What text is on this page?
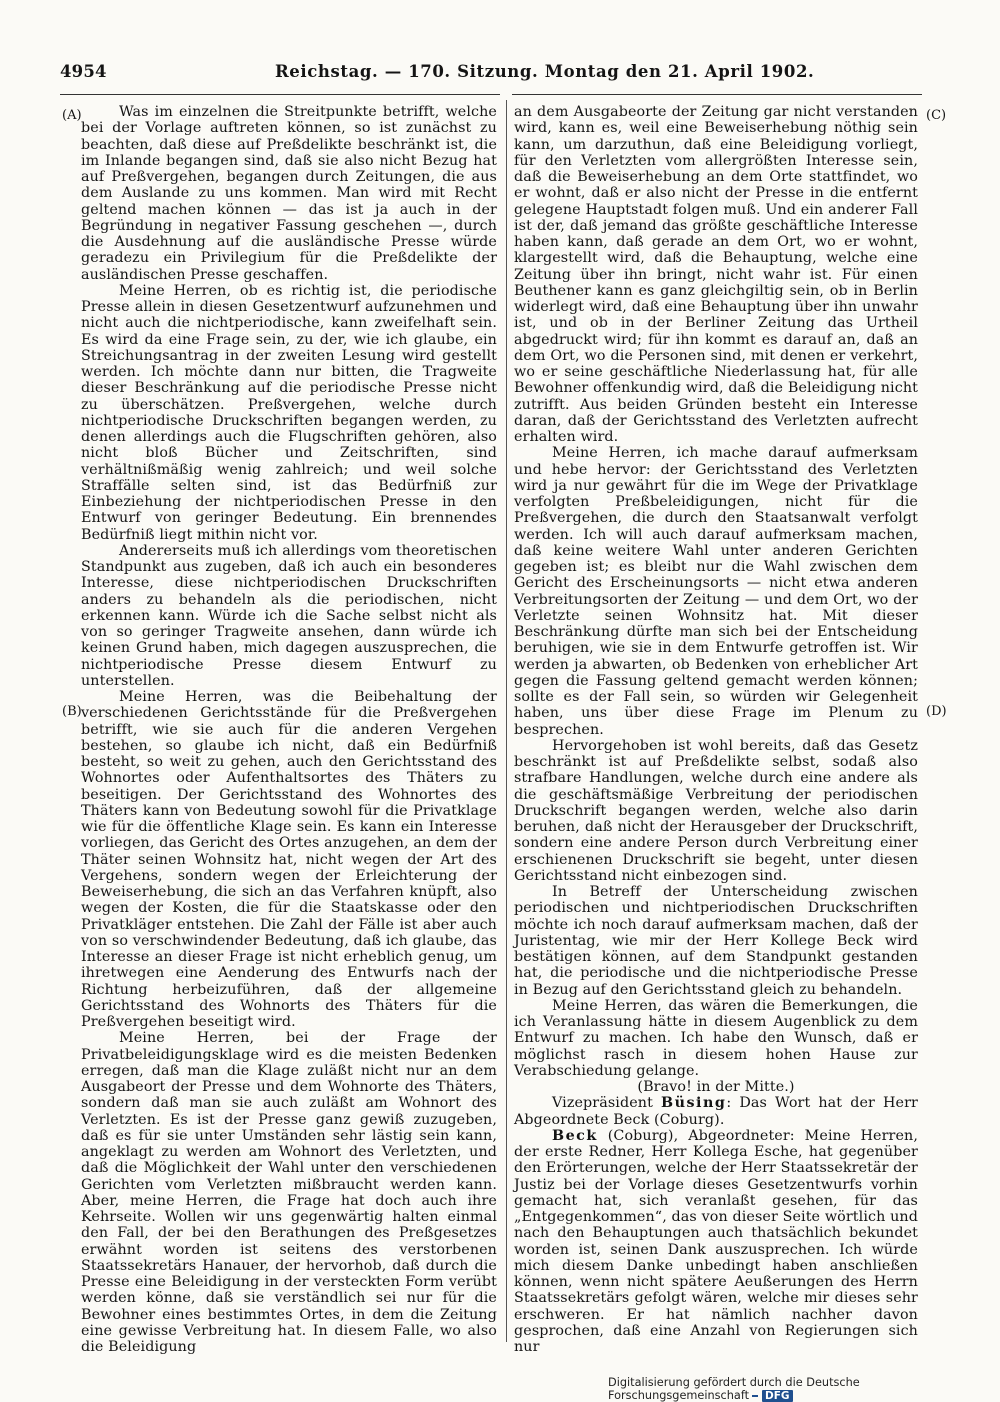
4954	Reichstag. — 170. Sitzung. Montag den 21. April 1902.
(A)
(B)
(C)
(D)

Was im einzelnen die Streitpunkte betrifft, welche bei der Vorlage auftreten können, so ist zunächst zu beachten, daß diese auf Preßdelikte beschränkt ist, die im Inlande begangen sind, daß sie also nicht Bezug hat auf Preßvergehen, begangen durch Zeitungen, die aus dem Auslande zu uns kommen. Man wird mit Recht geltend machen können — das ist ja auch in der Begründung in negativer Fassung geschehen —, durch die Ausdehnung auf die ausländische Presse würde geradezu ein Privilegium für die Preßdelikte der ausländischen Presse geschaffen.

Meine Herren, ob es richtig ist, die periodische Presse allein in diesen Gesetzentwurf aufzunehmen und nicht auch die nichtperiodische, kann zweifelhaft sein. Es wird da eine Frage sein, zu der, wie ich glaube, ein Streichungsantrag in der zweiten Lesung wird gestellt werden. Ich möchte dann nur bitten, die Tragweite dieser Beschränkung auf die periodische Presse nicht zu überschätzen. Preßvergehen, welche durch nichtperiodische Druckschriften begangen werden, zu denen allerdings auch die Flugschriften gehören, also nicht bloß Bücher und Zeitschriften, sind verhältnißmäßig wenig zahlreich; und weil solche Straffälle selten sind, ist das Bedürfniß zur Einbeziehung der nichtperiodischen Presse in den Entwurf von geringer Bedeutung. Ein brennendes Bedürfniß liegt mithin nicht vor.

Andererseits muß ich allerdings vom theoretischen Standpunkt aus zugeben, daß ich auch ein besonderes Interesse, diese nichtperiodischen Druckschriften anders zu behandeln als die periodischen, nicht erkennen kann. Würde ich die Sache selbst nicht als von so geringer Tragweite ansehen, dann würde ich keinen Grund haben, mich dagegen auszusprechen, die nichtperiodische Presse diesem Entwurf zu unterstellen.

Meine Herren, was die Beibehaltung der verschiedenen Gerichtsstände für die Preßvergehen betrifft, wie sie auch für die anderen Vergehen bestehen, so glaube ich nicht, daß ein Bedürfniß besteht, so weit zu gehen, auch den Gerichtsstand des Wohnortes oder Aufenthaltsortes des Thäters zu beseitigen. Der Gerichtsstand des Wohnortes des Thäters kann von Bedeutung sowohl für die Privatklage wie für die öffentliche Klage sein. Es kann ein Interesse vorliegen, das Gericht des Ortes anzugehen, an dem der Thäter seinen Wohnsitz hat, nicht wegen der Art des Vergehens, sondern wegen der Erleichterung der Beweiserhebung, die sich an das Verfahren knüpft, also wegen der Kosten, die für die Staatskasse oder den Privatkläger entstehen. Die Zahl der Fälle ist aber auch von so verschwindender Bedeutung, daß ich glaube, das Interesse an dieser Frage ist nicht erheblich genug, um ihretwegen eine Aenderung des Entwurfs nach der Richtung herbeizuführen, daß der allgemeine Gerichtsstand des Wohnorts des Thäters für die Preßvergehen beseitigt wird.

Meine Herren, bei der Frage der Privatbeleidigungsklage wird es die meisten Bedenken erregen, daß man die Klage zuläßt nicht nur an dem Ausgabeort der Presse und dem Wohnorte des Thäters, sondern daß man sie auch zuläßt am Wohnort des Verletzten. Es ist der Presse ganz gewiß zuzugeben, daß es für sie unter Umständen sehr lästig sein kann, angeklagt zu werden am Wohnort des Verletzten, und daß die Möglichkeit der Wahl unter den verschiedenen Gerichten vom Verletzten mißbraucht werden kann. Aber, meine Herren, die Frage hat doch auch ihre Kehrseite. Wollen wir uns gegenwärtig halten einmal den Fall, der bei den Berathungen des Preßgesetzes erwähnt worden ist seitens des verstorbenen Staatssekretärs Hanauer, der hervorhob, daß durch die Presse eine Beleidigung in der versteckten Form verübt werden könne, daß sie verständlich sei nur für die Bewohner eines bestimmtes Ortes, in dem die Zeitung eine gewisse Verbreitung hat. In diesem Falle, wo also die Beleidigung

an dem Ausgabeorte der Zeitung gar nicht verstanden wird, kann es, weil eine Beweiserhebung nöthig sein kann, um darzuthun, daß eine Beleidigung vorliegt, für den Verletzten vom allergrößten Interesse sein, daß die Beweiserhebung an dem Orte stattfindet, wo er wohnt, daß er also nicht der Presse in die entfernt gelegene Hauptstadt folgen muß. Und ein anderer Fall ist der, daß jemand das größte geschäftliche Interesse haben kann, daß gerade an dem Ort, wo er wohnt, klargestellt wird, daß die Behauptung, welche eine Zeitung über ihn bringt, nicht wahr ist. Für einen Beuthener kann es ganz gleichgiltig sein, ob in Berlin widerlegt wird, daß eine Behauptung über ihn unwahr ist, und ob in der Berliner Zeitung das Urtheil abgedruckt wird; für ihn kommt es darauf an, daß an dem Ort, wo die Personen sind, mit denen er verkehrt, wo er seine geschäftliche Niederlassung hat, für alle Bewohner offenkundig wird, daß die Beleidigung nicht zutrifft. Aus beiden Gründen besteht ein Interesse daran, daß der Gerichtsstand des Verletzten aufrecht erhalten wird.

Meine Herren, ich mache darauf aufmerksam und hebe hervor: der Gerichtsstand des Verletzten wird ja nur gewährt für die im Wege der Privatklage verfolgten Preßbeleidigungen, nicht für die Preßvergehen, die durch den Staatsanwalt verfolgt werden. Ich will auch darauf aufmerksam machen, daß keine weitere Wahl unter anderen Gerichten gegeben ist; es bleibt nur die Wahl zwischen dem Gericht des Erscheinungsorts — nicht etwa anderen Verbreitungsorten der Zeitung — und dem Ort, wo der Verletzte seinen Wohnsitz hat. Mit dieser Beschränkung dürfte man sich bei der Entscheidung beruhigen, wie sie in dem Entwurfe getroffen ist. Wir werden ja abwarten, ob Bedenken von erheblicher Art gegen die Fassung geltend gemacht werden können; sollte es der Fall sein, so würden wir Gelegenheit haben, uns über diese Frage im Plenum zu besprechen.

Hervorgehoben ist wohl bereits, daß das Gesetz beschränkt ist auf Preßdelikte selbst, sodaß also strafbare Handlungen, welche durch eine andere als die geschäftsmäßige Verbreitung der periodischen Druckschrift begangen werden, welche also darin beruhen, daß nicht der Herausgeber der Druckschrift, sondern eine andere Person durch Verbreitung einer erschienenen Druckschrift sie begeht, unter diesen Gerichtsstand nicht einbezogen sind.

In Betreff der Unterscheidung zwischen periodischen und nichtperiodischen Druckschriften möchte ich noch darauf aufmerksam machen, daß der Juristentag, wie mir der Herr Kollege Beck wird bestätigen können, auf dem Standpunkt gestanden hat, die periodische und die nichtperiodische Presse in Bezug auf den Gerichtsstand gleich zu behandeln.

Meine Herren, das wären die Bemerkungen, die ich Veranlassung hätte in diesem Augenblick zu dem Entwurf zu machen. Ich habe den Wunsch, daß er möglichst rasch in diesem hohen Hause zur Verabschiedung gelange.

(Bravo! in der Mitte.)

Vizepräsident Büsing: Das Wort hat der Herr Abgeordnete Beck (Coburg).

Beck (Coburg), Abgeordneter: Meine Herren, der erste Redner, Herr Kollega Esche, hat gegenüber den Erörterungen, welche der Herr Staatssekretär der Justiz bei der Vorlage dieses Gesetzentwurfs vorhin gemacht hat, sich veranlaßt gesehen, für das „Entgegenkommen“, das von dieser Seite wörtlich und nach den Behauptungen auch thatsächlich bekundet worden ist, seinen Dank auszusprechen. Ich würde mich diesem Danke unbedingt haben anschließen können, wenn nicht spätere Aeußerungen des Herrn Staatssekretärs gefolgt wären, welche mir dieses sehr erschweren. Er hat nämlich nachher davon gesprochen, daß eine Anzahl von Regierungen sich nur

Digitalisierung gefördert durch die Deutsche Forschungsgemeinschaft DFG
